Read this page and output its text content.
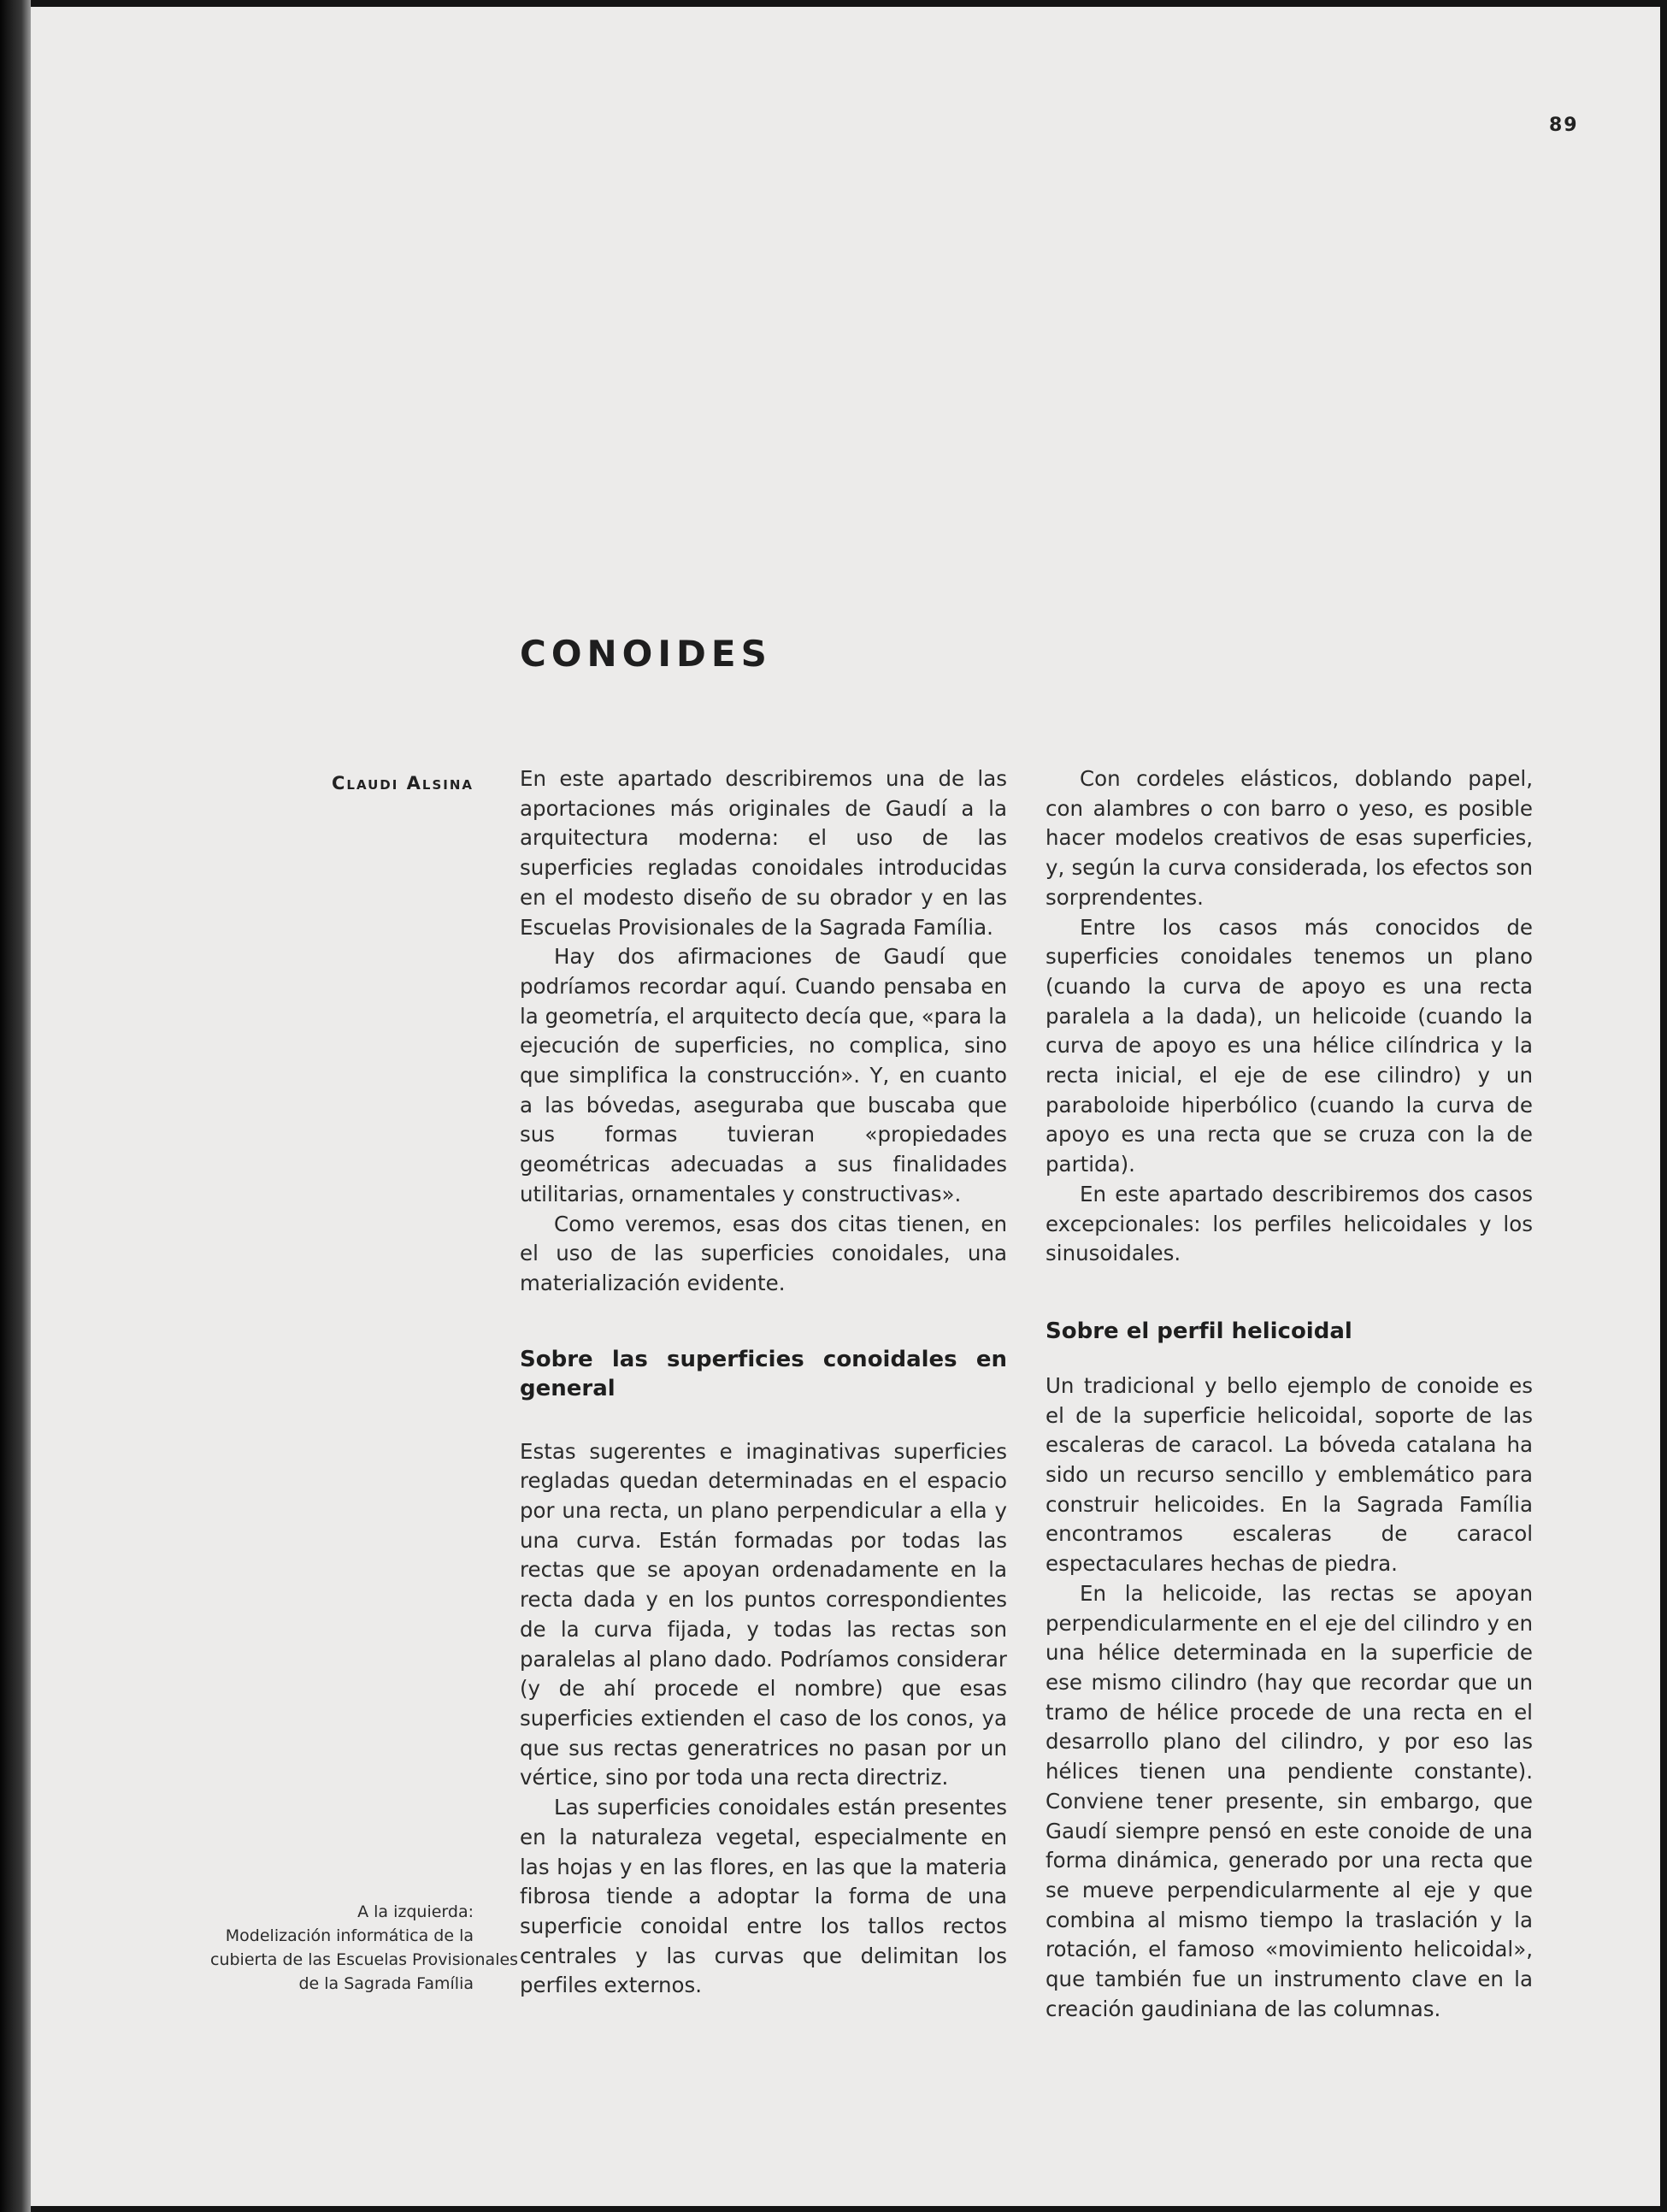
89
CONOIDES
Claudi Alsina En este apartado describiremos una de las aportaciones más originales de Gaudí a la arquitectura moderna: el uso de las superficies regladas conoidales introducidas en el modesto diseño de su obrador y en las Escuelas Provisionales de la Sagrada Família.

Hay dos afirmaciones de Gaudí que podríamos recordar aquí. Cuando pensaba en la geometría, el arquitecto decía que, «para la ejecución de superficies, no complica, sino que simplifica la construcción». Y, en cuanto a las bóvedas, aseguraba que buscaba que sus formas tuvieran «propiedades geométricas adecuadas a sus finalidades utilitarias, ornamentales y constructivas».

Como veremos, esas dos citas tienen, en el uso de las superficies conoidales, una materialización evidente.

Sobre las superficies conoidales en general

Estas sugerentes e imaginativas superficies regladas quedan determinadas en el espacio por una recta, un plano perpendicular a ella y una curva. Están formadas por todas las rectas que se apoyan ordenadamente en la recta dada y en los puntos correspondientes de la curva fijada, y todas las rectas son paralelas al plano dado. Podríamos considerar (y de ahí procede el nombre) que esas superficies extienden el caso de los conos, ya que sus rectas generatrices no pasan por un vértice, sino por toda una recta directriz.

Las superficies conoidales están presentes en la naturaleza vegetal, especialmente en las hojas y en las flores, en las que la materia fibrosa tiende a adoptar la forma de una superficie conoidal entre los tallos rectos centrales y las curvas que delimitan los perfiles externos.

Con cordeles elásticos, doblando papel, con alambres o con barro o yeso, es posible hacer modelos creativos de esas superficies, y, según la curva considerada, los efectos son sorprendentes.

Entre los casos más conocidos de superficies conoidales tenemos un plano (cuando la curva de apoyo es una recta paralela a la dada), un helicoide (cuando la curva de apoyo es una hélice cilíndrica y la recta inicial, el eje de ese cilindro) y un paraboloide hiperbólico (cuando la curva de apoyo es una recta que se cruza con la de partida).

En este apartado describiremos dos casos excepcionales: los perfiles helicoidales y los sinusoidales.

Sobre el perfil helicoidal

Un tradicional y bello ejemplo de conoide es el de la superficie helicoidal, soporte de las escaleras de caracol. La bóveda catalana ha sido un recurso sencillo y emblemático para construir helicoides. En la Sagrada Família encontramos escaleras de caracol espectaculares hechas de piedra.

En la helicoide, las rectas se apoyan perpendicularmente en el eje del cilindro y en una hélice determinada en la superficie de ese mismo cilindro (hay que recordar que un tramo de hélice procede de una recta en el desarrollo plano del cilindro, y por eso las hélices tienen una pendiente constante). Conviene tener presente, sin embargo, que Gaudí siempre pensó en este conoide de una forma dinámica, generado por una recta que se mueve perpendicularmente al eje y que combina al mismo tiempo la traslación y la rotación, el famoso «movimiento helicoidal», que también fue un instrumento clave en la creación gaudiniana de las columnas.

A la izquierda:
Modelización informática de la
cubierta de las Escuelas Provisionales
de la Sagrada Família
